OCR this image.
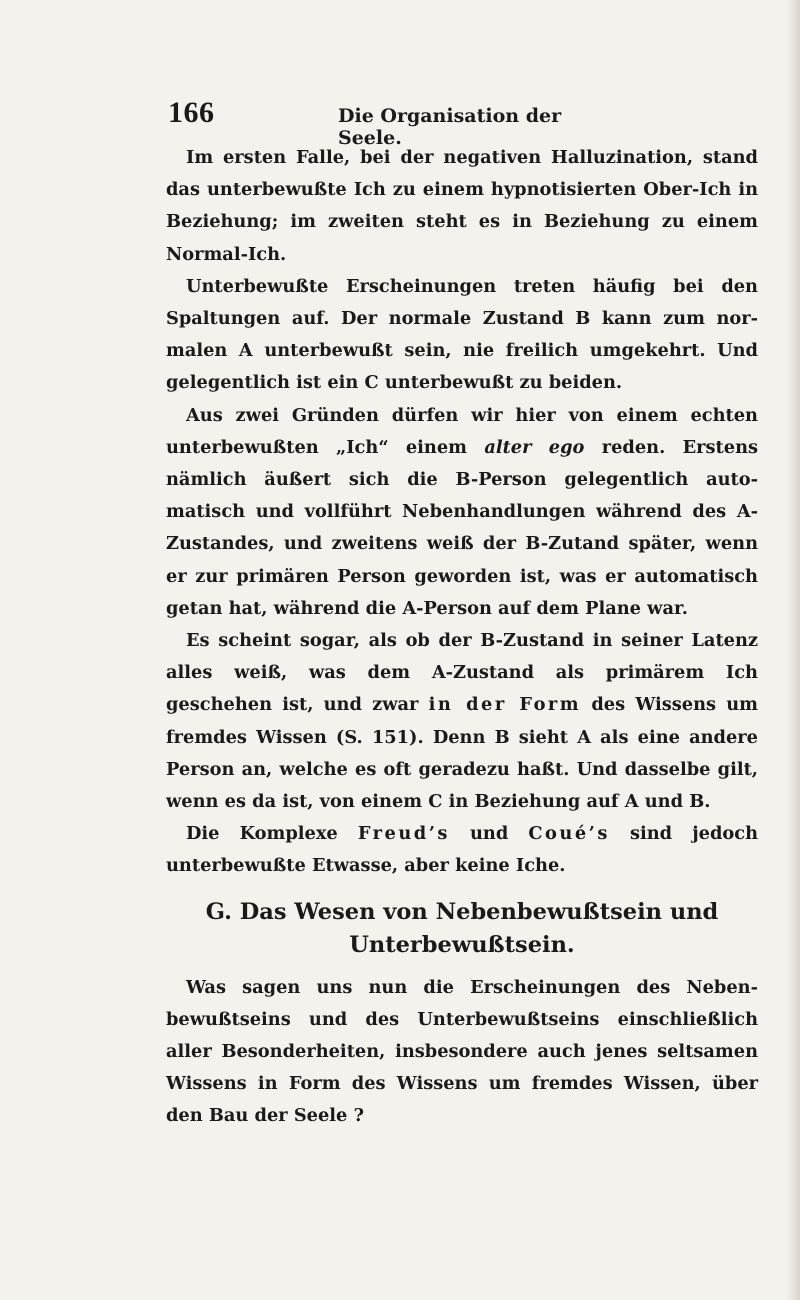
166	Die Organisation der Seele.

Im ersten Falle, bei der negativen Halluzination, stand das unterbewußte Ich zu einem hypnotisierten Ober-Ich in Beziehung; im zweiten steht es in Beziehung zu einem Normal-Ich.

Unterbewußte Erscheinungen treten häufig bei den Spaltungen auf. Der normale Zustand B kann zum normalen A unterbewußt sein, nie freilich umgekehrt. Und gelegentlich ist ein C unterbewußt zu beiden.

Aus zwei Gründen dürfen wir hier von einem echten unterbewußten „Ich“ einem alter ego reden. Erstens nämlich äußert sich die B-Person gelegentlich automatisch und vollführt Nebenhandlungen während des A-Zustandes, und zweitens weiß der B-Zutand später, wenn er zur primären Person geworden ist, was er automatisch getan hat, während die A-Person auf dem Plane war.

Es scheint sogar, als ob der B-Zustand in seiner Latenz alles weiß, was dem A-Zustand als primärem Ich geschehen ist, und zwar in der Form des Wissens um fremdes Wissen (S. 151). Denn B sieht A als eine andere Person an, welche es oft geradezu haßt. Und dasselbe gilt, wenn es da ist, von einem C in Beziehung auf A und B.

Die Komplexe Freud’s und Coué’s sind jedoch unterbewußte Etwasse, aber keine Iche.

G. Das Wesen von Nebenbewußtsein und
Unterbewußtsein.

Was sagen uns nun die Erscheinungen des Nebenbewußtseins und des Unterbewußtseins einschließlich aller Besonderheiten, insbesondere auch jenes seltsamen Wissens in Form des Wissens um fremdes Wissen, über den Bau der Seele ?
